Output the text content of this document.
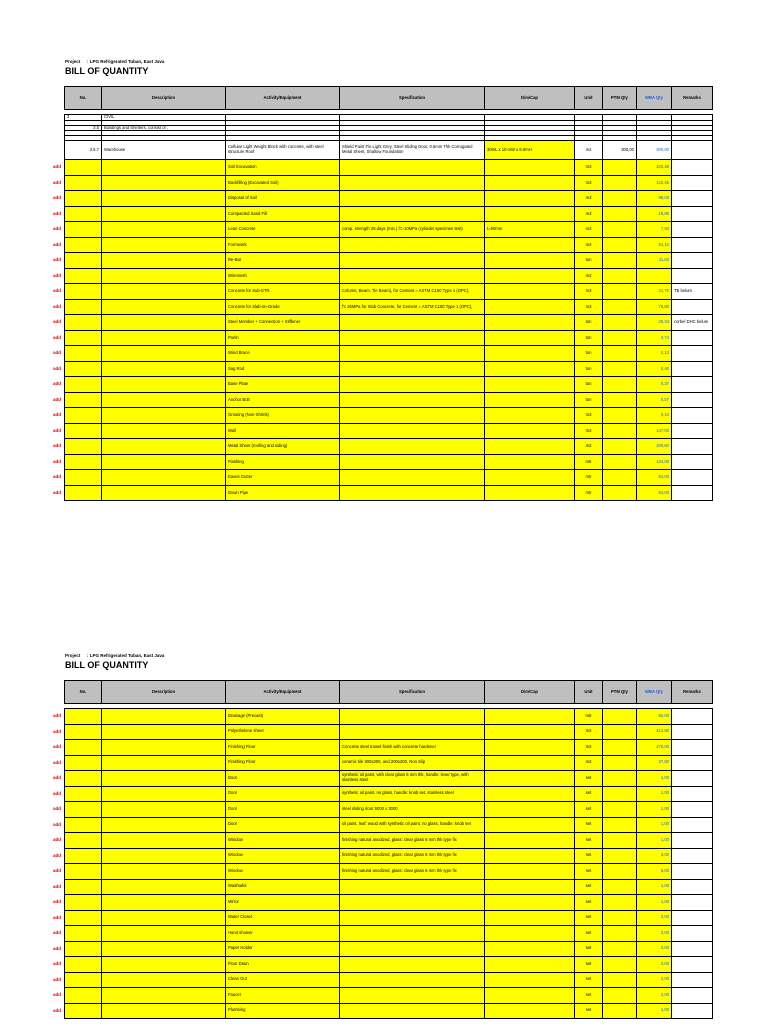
Project : LPG Refrigerated Tuban, East Java
BILL OF QUANTITY
No.	Description	Activity/Equipment	Specification	Dim/Cap	Unit	PTM Qty	WBA Qty	Remarks

3	CIVIL							

3.5	Buildings and Shelters, consist of ;							

3.5.7	Warehouse	Cellular Light Weight Block with concrete, with steel structure Roof	Shield Paint Fin.Light Grey, Steel Sliding Door, 0.5mm Thk Corrugated Metal Sheet, Shallow Foundation	30mL x 10 mW x 6.0mH	m2	300,00	300,00	
		Soil Excavation			m3		220,48	
		Backfilling (Excavated Soil)			m3		122,45	
		Disposal of Soil			m3		98,03	
		Compacted Sand Fill			m3		15,85	
		Lean Concrete	comp. strength 28 days (min.) f'c-10MPa (cylinder specimen test)	t=50mm	m3		7,93	
		Formwork			m2		84,16	
		Re-Bar			ton		11,63	
		Wiremesh			m2			
		Concrete for Sub-STR.	Column, Beam, Tie Beam), for Cement = ASTM C150 Type 1 (OPC),		m3		21,75	TB belum
		Concrete for Slab-on-Grade	f'c 25MPa for Slab Concrete, for Cement = ASTM C150 Type 1 (OPC),		m3		76,80	
		Steel Member + Connection + Stiffener			ton		25,34	corbel DHC belum
		Purlin			ton		4,74	
		Wind Brace			ton		0,13	
		Sag Rod			ton		0,40	
		Base Plate			ton		0,37	
		Anchor Bolt			ton		0,57	
		Grouting (Non-Shrink)			m3		0,10	
		Wall			m2		147,00	
		Metal Sheet (roofing and siding)			m2		329,60	
		Flashing			mtr		124,00	
		Eaves Gutter			mtr		64,00	
		Down Pipe			mtr		64,00	
Project : LPG Refrigerated Tuban, East Java
BILL OF QUANTITY
No.	Description	Activity/Equipment	Specification	Dim/Cap	Unit	PTM Qty	WBA Qty	Remarks

		Drainage (Precast)			mtr		92,00	
		Polyethelene sheet			m2		412,80	
		Finishing Floor	Concrete steel trowel finish with concrete hardener		m2		275,00	
		Finishing Floor	ceramic tile 300x300, and 200x200, Non Slip		m2		37,50	
		Door	synthetic oil paint, with clear glass 6 mm thk, handle: lever type, with stainless steel		set		1,00	
		Door	synthetic oil paint, no glass, handle: knob set, stainless steel		set		1,00	
		Door	steel sliding door 5000 x 3000		set		1,00	
		Door	oil paint, leaf: wood with synthetic oil paint, no glass, handle: knob set		set		1,00	
		Window	finishing natural anodized, glass: clear glass 6 mm thk type fix		set		1,00	
		Window	finishing natural anodized, glass: clear glass 6 mm thk type fix		set		4,00	
		Window	finishing natural anodized, glass: clear glass 6 mm thk type fix		set		5,00	
		Washtafel			set		1,00	
		Mirror			set		1,00	
		Water Closet			set		2,00	
		Hand shower			set		2,00	
		Paper Holder			set		2,00	
		Floor Drain			set		2,00	
		Clean Out			set		2,00	
		Faucet			set		2,00	
		Plumbing			set		1,00	
add
add
add
add
add
add
add
add
add
add
add
add
add
add
add
add
add
add
add
add
add
add
add
add
add
add
add
add
add
add
add
add
add
add
add
add
add
add
add
add
add
add
